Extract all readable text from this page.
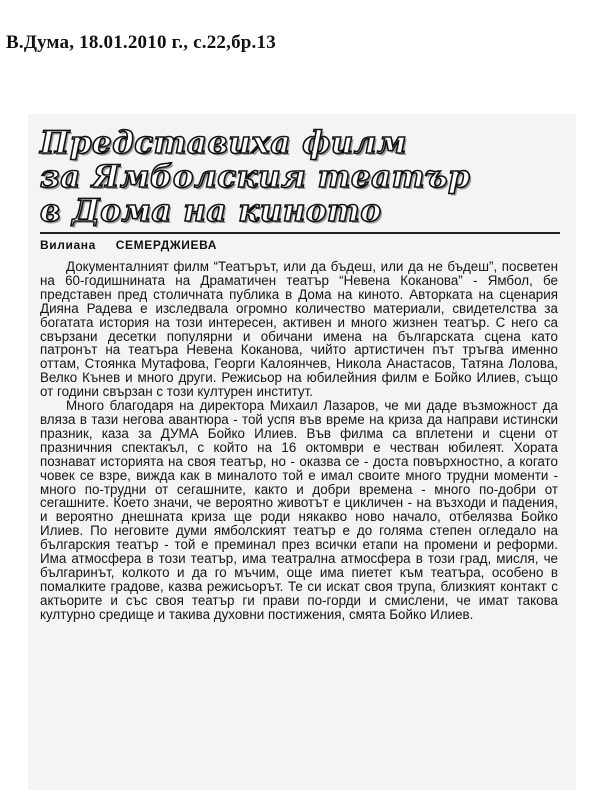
В.Дума, 18.01.2010 г., с.22,бр.13
Представиха филм
за Ямболския театър
в Дома на киното
Вилиана СЕМЕРДЖИЕВА

Документалният филм “Театърът, или да бъдеш, или да не бъдеш”, посветен на 60-годишнината на Драматичен театър “Невена Коканова” - Ямбол, бе представен пред столичната публика в Дома на киното. Авторката на сценария Дияна Радева е изследвала огромно количество материали, свидетелства за богатата история на този интересен, активен и много жизнен театър. С него са свързани десетки популярни и обичани имена на българската сцена като патронът на театъра Невена Коканова, чийто артистичен път тръгва именно оттам, Стоянка Мутафова, Георги Калоянчев, Никола Анастасов, Татяна Лолова, Велко Кънев и много други. Режисьор на юбилейния филм е Бойко Илиев, също от години свързан с този културен институт.

Много благодаря на директора Михаил Лазаров, че ми даде възможност да вляза в тази негова авантюра - той успя във време на криза да направи истински празник, каза за ДУМА Бойко Илиев. Във филма са вплетени и сцени от празничния спектакъл, с който на 16 октомври е честван юбилеят. Хората познават историята на своя театър, но - оказва се - доста повърхностно, а когато човек се взре, вижда как в миналото той е имал своите много трудни моменти - много по-трудни от сегашните, както и добри времена - много по-добри от сегашните. Което значи, че вероятно животът е цикличен - на възходи и падения, и вероятно днешната криза ще роди някакво ново начало, отбелязва Бойко Илиев. По неговите думи ямболският театър е до голяма степен огледало на българския театър - той е преминал през всички етапи на промени и реформи. Има атмосфера в този театър, има театрална атмосфера в този град, мисля, че българинът, колкото и да го мъчим, още има пиетет към театъра, особено в помалките градове, казва режисьорът. Те си искат своя трупа, близкият контакт с актьорите и със своя театър ги прави по-горди и смислени, че имат такова културно средище и такива духовни постижения, смята Бойко Илиев.
